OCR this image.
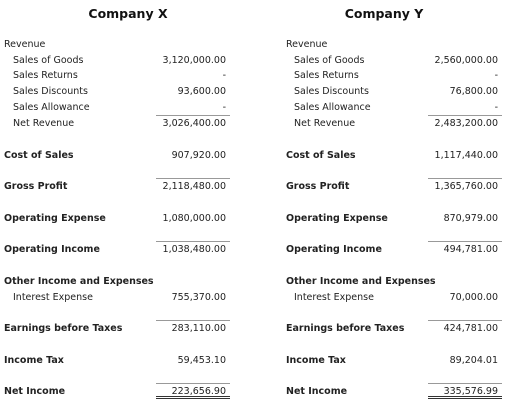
Company X
Revenue
Sales of Goods	3,120,000.00
Sales Returns	-
Sales Discounts	93,600.00
Sales Allowance	-
Net Revenue	3,026,400.00
Cost of Sales	907,920.00
Gross Profit	2,118,480.00
Operating Expense	1,080,000.00
Operating Income	1,038,480.00
Other Income and Expenses
Interest Expense	755,370.00
Earnings before Taxes	283,110.00
Income Tax	59,453.10
Net Income	223,656.90
Company Y
Revenue
Sales of Goods	2,560,000.00
Sales Returns	-
Sales Discounts	76,800.00
Sales Allowance	-
Net Revenue	2,483,200.00
Cost of Sales	1,117,440.00
Gross Profit	1,365,760.00
Operating Expense	870,979.00
Operating Income	494,781.00
Other Income and Expenses
Interest Expense	70,000.00
Earnings before Taxes	424,781.00
Income Tax	89,204.01
Net Income	335,576.99
